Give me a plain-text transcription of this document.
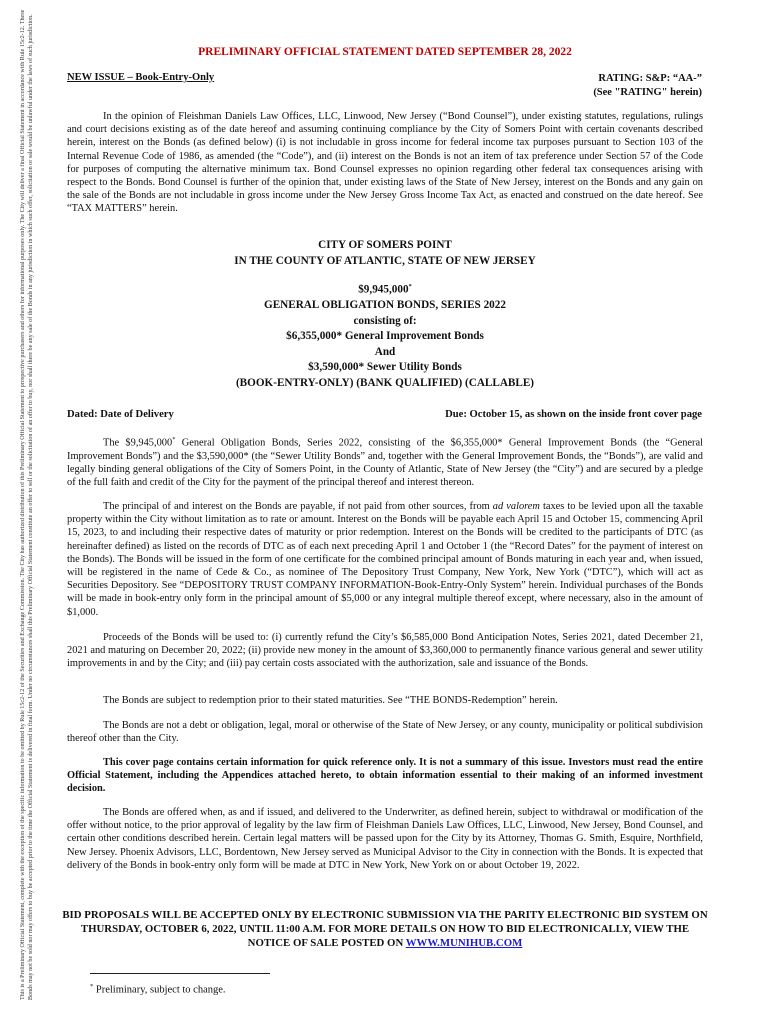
This is a Preliminary Official Statement, complete with the exception of the specific information to be omitted by Rule 15c2-12 of the Securities and Exchange Commission. The City has authorized distribution of this Preliminary Official Statement to prospective purchasers and others for informational purposes only. The City will deliver a final Official Statement in accordance with Rule 15c2-12. These Bonds may not be sold nor may offers to buy be accepted prior to the time the Official Statement is delivered in final form. Under no circumstances shall this Preliminary Official Statement constitute an offer to sell or the solicitation of an offer to buy, nor shall there be any sale of the Bonds in any jurisdiction in which such offer, solicitation or sale would be unlawful under the laws of such jurisdiction.	PRELIMINARY OFFICIAL STATEMENT DATED SEPTEMBER 28, 2022
NEW ISSUE – Book-Entry-Only	RATING: S&P: “AA-”
(See "RATING" herein)
In the opinion of Fleishman Daniels Law Offices, LLC, Linwood, New Jersey (“Bond Counsel”), under existing statutes, regulations, rulings and court decisions existing as of the date hereof and assuming continuing compliance by the City of Somers Point with certain covenants described herein, interest on the Bonds (as defined below) (i) is not includable in gross income for federal income tax purposes pursuant to Section 103 of the Internal Revenue Code of 1986, as amended (the “Code”), and (ii) interest on the Bonds is not an item of tax preference under Section 57 of the Code for purposes of computing the alternative minimum tax. Bond Counsel expresses no opinion regarding other federal tax consequences arising with respect to the Bonds. Bond Counsel is further of the opinion that, under existing laws of the State of New Jersey, interest on the Bonds and any gain on the sale of the Bonds are not includable in gross income under the New Jersey Gross Income Tax Act, as enacted and construed on the date hereof. See “TAX MATTERS” herein.
CITY OF SOMERS POINT
IN THE COUNTY OF ATLANTIC, STATE OF NEW JERSEY
$9,945,000*
GENERAL OBLIGATION BONDS, SERIES 2022
consisting of:
$6,355,000* General Improvement Bonds
And
$3,590,000* Sewer Utility Bonds
(BOOK-ENTRY-ONLY) (BANK QUALIFIED) (CALLABLE)
Dated: Date of Delivery	Due: October 15, as shown on the inside front cover page
The $9,945,000* General Obligation Bonds, Series 2022, consisting of the $6,355,000* General Improvement Bonds (the “General Improvement Bonds”) and the $3,590,000* (the “Sewer Utility Bonds” and, together with the General Improvement Bonds, the “Bonds”), are valid and legally binding general obligations of the City of Somers Point, in the County of Atlantic, State of New Jersey (the “City”) and are secured by a pledge of the full faith and credit of the City for the payment of the principal thereof and interest thereon.
The principal of and interest on the Bonds are payable, if not paid from other sources, from ad valorem taxes to be levied upon all the taxable property within the City without limitation as to rate or amount. Interest on the Bonds will be payable each April 15 and October 15, commencing April 15, 2023, to and including their respective dates of maturity or prior redemption. Interest on the Bonds will be credited to the participants of DTC (as hereinafter defined) as listed on the records of DTC as of each next preceding April 1 and October 1 (the “Record Dates” for the payment of interest on the Bonds). The Bonds will be issued in the form of one certificate for the combined principal amount of Bonds maturing in each year and, when issued, will be registered in the name of Cede & Co., as nominee of The Depository Trust Company, New York, New York (“DTC”), which will act as Securities Depository. See “DEPOSITORY TRUST COMPANY INFORMATION-Book-Entry-Only System” herein. Individual purchases of the Bonds will be made in book-entry only form in the principal amount of $5,000 or any integral multiple thereof except, where necessary, also in the amount of $1,000.
Proceeds of the Bonds will be used to: (i) currently refund the City’s $6,585,000 Bond Anticipation Notes, Series 2021, dated December 21, 2021 and maturing on December 20, 2022; (ii) provide new money in the amount of $3,360,000 to permanently finance various general and sewer utility improvements in and by the City; and (iii) pay certain costs associated with the authorization, sale and issuance of the Bonds.
The Bonds are subject to redemption prior to their stated maturities. See “THE BONDS-Redemption” herein.
The Bonds are not a debt or obligation, legal, moral or otherwise of the State of New Jersey, or any county, municipality or political subdivision thereof other than the City.
This cover page contains certain information for quick reference only. It is not a summary of this issue. Investors must read the entire Official Statement, including the Appendices attached hereto, to obtain information essential to their making of an informed investment decision.
The Bonds are offered when, as and if issued, and delivered to the Underwriter, as defined herein, subject to withdrawal or modification of the offer without notice, to the prior approval of legality by the law firm of Fleishman Daniels Law Offices, LLC, Linwood, New Jersey, Bond Counsel, and certain other conditions described herein. Certain legal matters will be passed upon for the City by its Attorney, Thomas G. Smith, Esquire, Northfield, New Jersey. Phoenix Advisors, LLC, Bordentown, New Jersey served as Municipal Advisor to the City in connection with the Bonds. It is expected that delivery of the Bonds in book-entry only form will be made at DTC in New York, New York on or about October 19, 2022.
BID PROPOSALS WILL BE ACCEPTED ONLY BY ELECTRONIC SUBMISSION VIA THE PARITY ELECTRONIC BID SYSTEM ON THURSDAY, OCTOBER 6, 2022, UNTIL 11:00 A.M. FOR MORE DETAILS ON HOW TO BID ELECTRONICALLY, VIEW THE NOTICE OF SALE POSTED ON WWW.MUNIHUB.COM
* Preliminary, subject to change.
